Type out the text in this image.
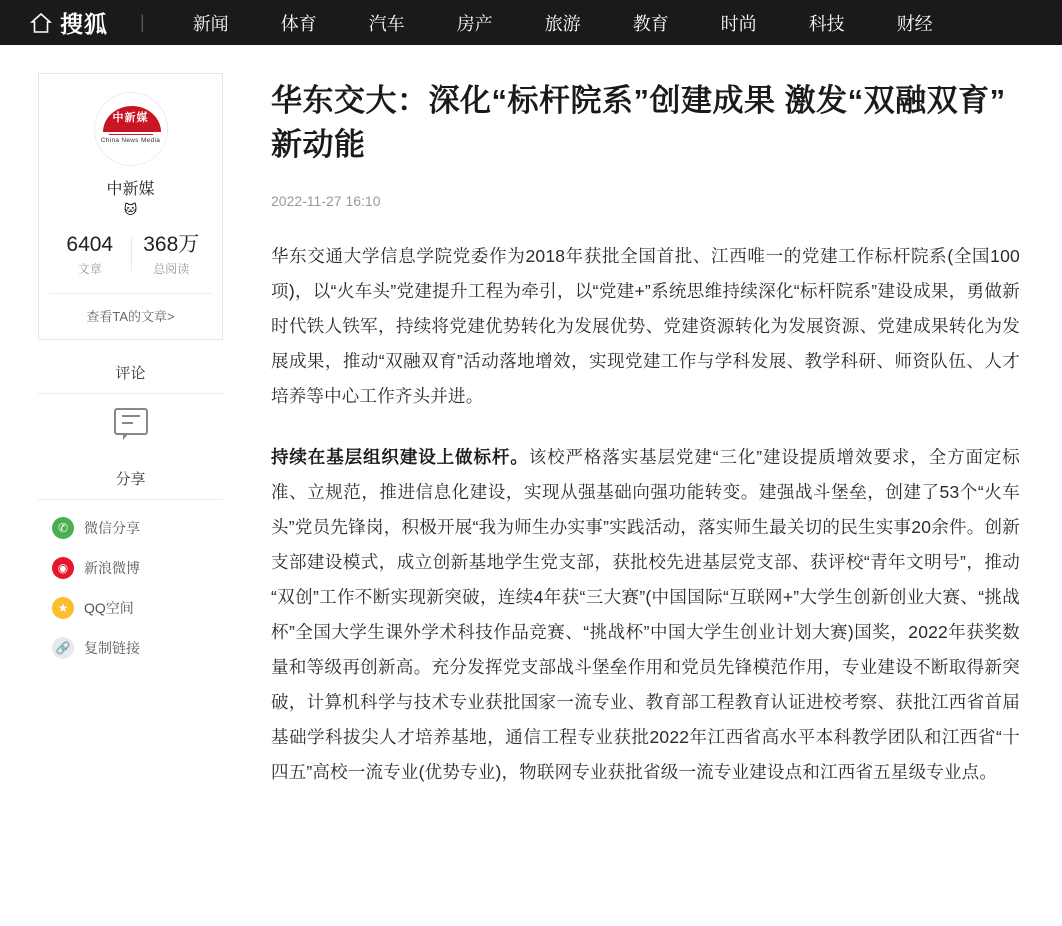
搜狐 |	新闻	体育	汽车	房产	旅游	教育	时尚	科技	财经
中新媒
China News Media
中新媒
🐱
6404
文章
368万
总阅读
查看TA的文章>
评论
分享
✆	微信分享
◉	新浪微博
★	QQ空间
🔗 复制链接
华东交大：深化“标杆院系”创建成果 激发“双融双育”新动能
2022-11-27 16:10

华东交通大学信息学院党委作为2018年获批全国首批、江西唯一的党建工作标杆院系(全国100项)，以“火车头”党建提升工程为牵引，以“党建+”系统思维持续深化“标杆院系”建设成果，勇做新时代铁人铁军，持续将党建优势转化为发展优势、党建资源转化为发展资源、党建成果转化为发展成果，推动“双融双育”活动落地增效，实现党建工作与学科发展、教学科研、师资队伍、人才培养等中心工作齐头并进。

持续在基层组织建设上做标杆。该校严格落实基层党建“三化”建设提质增效要求，全方面定标准、立规范，推进信息化建设，实现从强基础向强功能转变。建强战斗堡垒，创建了53个“火车头”党员先锋岗，积极开展“我为师生办实事”实践活动，落实师生最关切的民生实事20余件。创新支部建设模式，成立创新基地学生党支部，获批校先进基层党支部、获评校“青年文明号”，推动“双创”工作不断实现新突破，连续4年获“三大赛”(中国国际“互联网+”大学生创新创业大赛、“挑战杯”全国大学生课外学术科技作品竞赛、“挑战杯”中国大学生创业计划大赛)国奖，2022年获奖数量和等级再创新高。充分发挥党支部战斗堡垒作用和党员先锋模范作用，专业建设不断取得新突破，计算机科学与技术专业获批国家一流专业、教育部工程教育认证进校考察、获批江西省首届基础学科拔尖人才培养基地，通信工程专业获批2022年江西省高水平本科教学团队和江西省“十四五”高校一流专业(优势专业)，物联网专业获批省级一流专业建设点和江西省五星级专业点。
